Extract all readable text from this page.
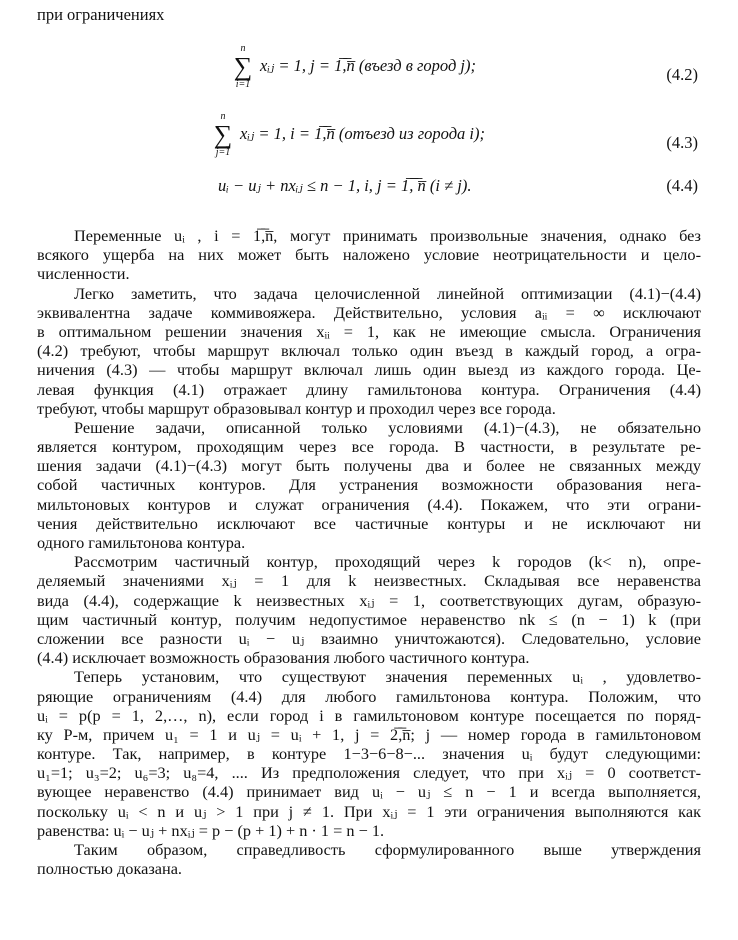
при ограничениях
n
∑
i=1
xᵢⱼ = 1, j = 1̅,̅n̅ (въезд в город j);	(4.2)
n
∑
j=1
xᵢⱼ = 1, i = 1̅,̅n̅ (отъезд из города i);	(4.3)
uᵢ − uⱼ + nxᵢⱼ ≤ n − 1, i, j = 1̅,̅ ̅n̅ (i ≠ j).	(4.4)
Переменные uᵢ , i = 1̅,̅n̅, могут принимать произвольные значения, однако без
всякого ущерба на них может быть наложено условие неотрицательности и цело-
численности.
Легко заметить, что задача целочисленной линейной оптимизации (4.1)−(4.4)
эквивалентна задаче коммивояжера. Действительно, условия aᵢᵢ = ∞ исключают
в оптимальном решении значения xᵢᵢ = 1, как не имеющие смысла. Ограничения
(4.2) требуют, чтобы маршрут включал только один въезд в каждый город, а огра-
ничения (4.3) — чтобы маршрут включал лишь один выезд из каждого города. Це-
левая функция (4.1) отражает длину гамильтонова контура. Ограничения (4.4)
требуют, чтобы маршрут образовывал контур и проходил через все города.
Решение задачи, описанной только условиями (4.1)−(4.3), не обязательно
является контуром, проходящим через все города. В частности, в результате ре-
шения задачи (4.1)−(4.3) могут быть получены два и более не связанных между
собой частичных контуров. Для устранения возможности образования нега-
мильтоновых контуров и служат ограничения (4.4). Покажем, что эти ограни-
чения действительно исключают все частичные контуры и не исключают ни
одного гамильтонова контура.
Рассмотрим частичный контур, проходящий через k городов (k< n), опре-
деляемый значениями xᵢⱼ = 1 для k неизвестных. Складывая все неравенства
вида (4.4), содержащие k неизвестных xᵢⱼ = 1, соответствующих дугам, образую-
щим частичный контур, получим недопустимое неравенство nk ≤ (n − 1) k (при
сложении все разности uᵢ − uⱼ взаимно уничтожаются). Следовательно, условие
(4.4) исключает возможность образования любого частичного контура.
Теперь установим, что существуют значения переменных uᵢ , удовлетво-
ряющие ограничениям (4.4) для любого гамильтонова контура. Положим, что
uᵢ = p(p = 1, 2,…, n), если город i в гамильтоновом контуре посещается по поряд-
ку P-м, причем u₁ = 1 и uⱼ = uᵢ + 1, j = 2̅,̅n̅; j — номер города в гамильтоновом
контуре. Так, например, в контуре 1−3−6−8−... значения uᵢ будут следующими:
u₁=1; u₃=2; u₆=3; u₈=4, .... Из предположения следует, что при xᵢⱼ = 0 соответст-
вующее неравенство (4.4) принимает вид uᵢ − uⱼ ≤ n − 1 и всегда выполняется,
поскольку uᵢ < n и uⱼ > 1 при j ≠ 1. При xᵢⱼ = 1 эти ограничения выполняются как
равенства: uᵢ − uⱼ + nxᵢⱼ = p − (p + 1) + n · 1 = n − 1.
Таким образом, справедливость сформулированного выше утверждения
полностью доказана.
